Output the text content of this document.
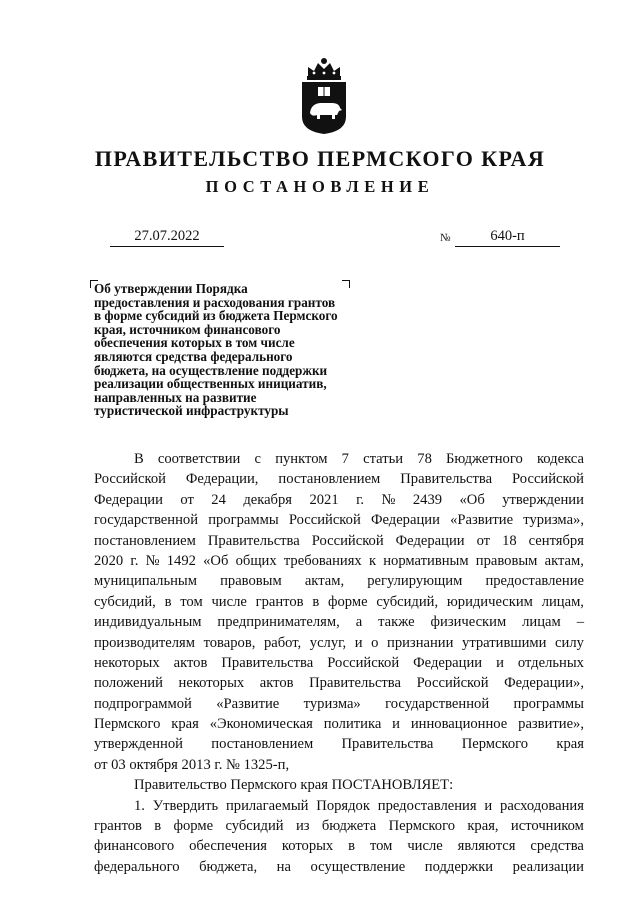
ПРАВИТЕЛЬСТВО ПЕРМСКОГО КРАЯ
ПОСТАНОВЛЕНИЕ
27.07.2022	№	640-п
Об утверждении Порядка
предоставления и расходования грантов
в форме субсидий из бюджета Пермского
края, источником финансового
обеспечения которых в том числе
являются средства федерального
бюджета, на осуществление поддержки
реализации общественных инициатив,
направленных на развитие
туристической инфраструктуры
В соответствии с пунктом 7 статьи 78 Бюджетного кодекса
Российской Федерации, постановлением Правительства Российской
Федерации от 24 декабря 2021 г. № 2439 «Об утверждении
государственной программы Российской Федерации «Развитие туризма»,
постановлением Правительства Российской Федерации от 18 сентября
2020 г. № 1492 «Об общих требованиях к нормативным правовым актам,
муниципальным правовым актам, регулирующим предоставление
субсидий, в том числе грантов в форме субсидий, юридическим лицам,
индивидуальным предпринимателям, а также физическим лицам –
производителям товаров, работ, услуг, и о признании утратившими силу
некоторых актов Правительства Российской Федерации и отдельных
положений некоторых актов Правительства Российской Федерации»,
подпрограммой «Развитие туризма» государственной программы
Пермского края «Экономическая политика и инновационное развитие»,
утвержденной постановлением Правительства Пермского края
от 03 октября 2013 г. № 1325-п,
Правительство Пермского края ПОСТАНОВЛЯЕТ:
1. Утвердить прилагаемый Порядок предоставления и расходования
грантов в форме субсидий из бюджета Пермского края, источником
финансового обеспечения которых в том числе являются средства
федерального бюджета, на осуществление поддержки реализации
